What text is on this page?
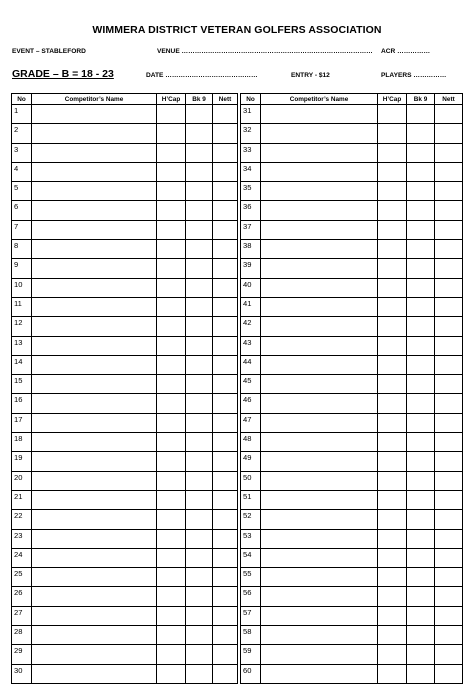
WIMMERA DISTRICT VETERAN GOLFERS ASSOCIATION
EVENT – STABLEFORD	VENUE …………………………………………………………………………… ACR ……………
GRADE – B = 18 - 23	DATE ……………………………………	ENTRY - $12	PLAYERS ……………
No	Competitor’s Name	H’Cap	Bk 9	Nett
1				
2				
3				
4				
5				
6				
7				
8				
9				
10				
11				
12				
13				
14				
15				
16				
17				
18				
19				
20				
21				
22				
23				
24				
25				
26				
27				
28				
29				
30				
No	Competitor’s Name	H’Cap	Bk 9	Nett
31				
32				
33				
34				
35				
36				
37				
38				
39				
40				
41				
42				
43				
44				
45				
46				
47				
48				
49				
50				
51				
52				
53				
54				
55				
56				
57				
58				
59				
60				
